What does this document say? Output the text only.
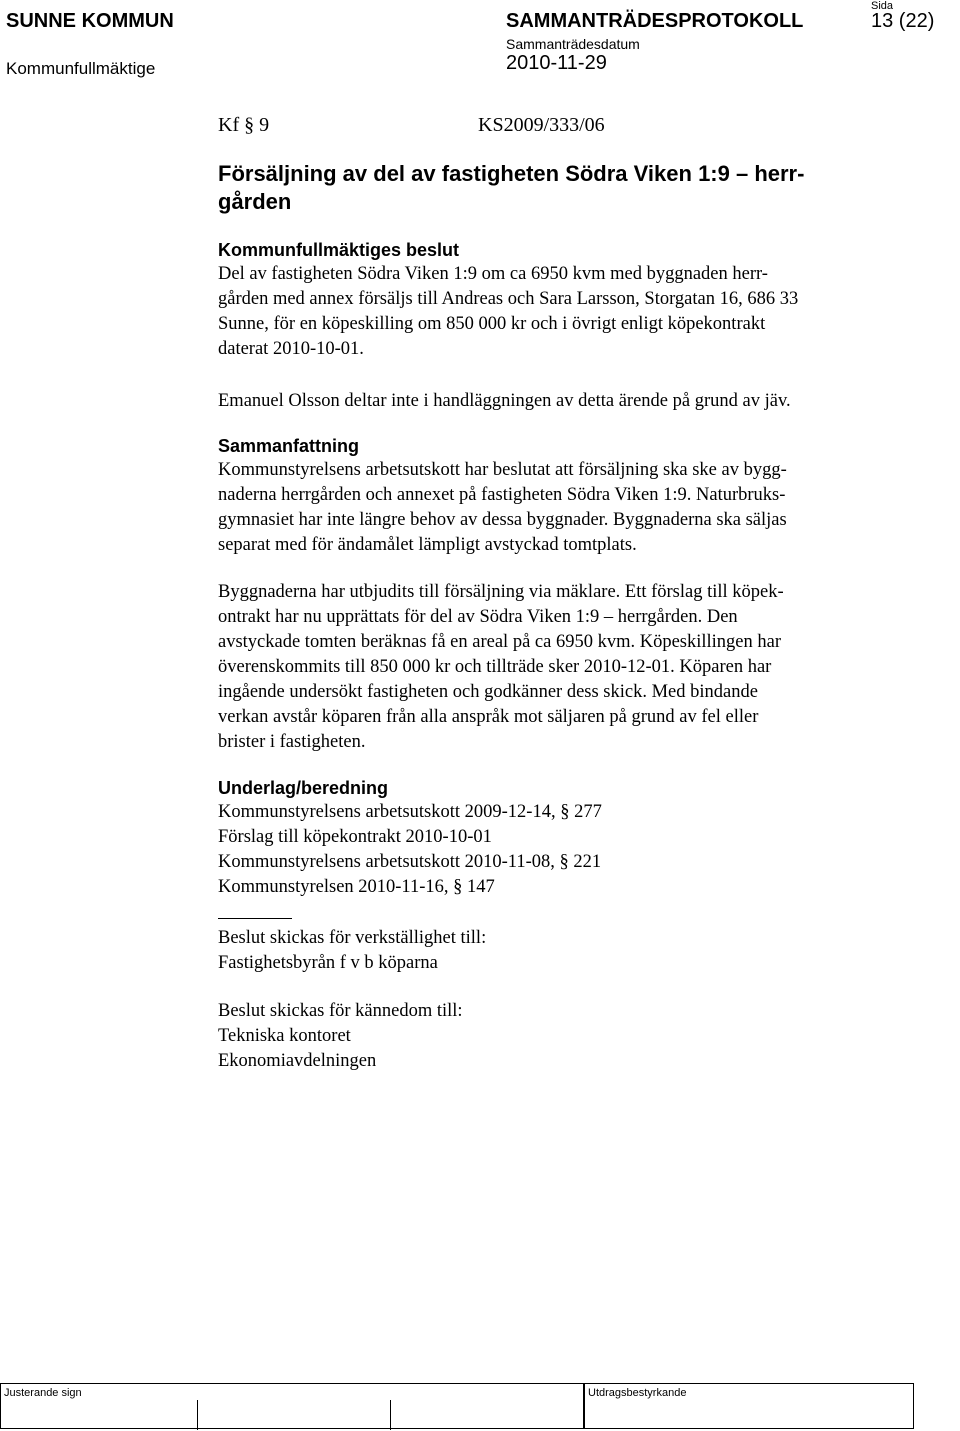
SUNNE KOMMUN
Kommunfullmäktige
SAMMANTRÄDESPROTOKOLL
Sammanträdesdatum
2010-11-29
Sida
13 (22)
Kf § 9	KS2009/333/06
Försäljning av del av fastigheten Södra Viken 1:9 – herr-
gården
Kommunfullmäktiges beslut
Del av fastigheten Södra Viken 1:9 om ca 6950 kvm med byggnaden herr-
gården med annex försäljs till Andreas och Sara Larsson, Storgatan 16, 686 33
Sunne, för en köpeskilling om 850 000 kr och i övrigt enligt köpekontrakt
daterat 2010-10-01.
Emanuel Olsson deltar inte i handläggningen av detta ärende på grund av jäv.
Sammanfattning
Kommunstyrelsens arbetsutskott har beslutat att försäljning ska ske av bygg-
naderna herrgården och annexet på fastigheten Södra Viken 1:9. Naturbruks-
gymnasiet har inte längre behov av dessa byggnader. Byggnaderna ska säljas
separat med för ändamålet lämpligt avstyckad tomtplats.
Byggnaderna har utbjudits till försäljning via mäklare. Ett förslag till köpek-
ontrakt har nu upprättats för del av Södra Viken 1:9 – herrgården. Den
avstyckade tomten beräknas få en areal på ca 6950 kvm. Köpeskillingen har
överenskommits till 850 000 kr och tillträde sker 2010-12-01. Köparen har
ingående undersökt fastigheten och godkänner dess skick. Med bindande
verkan avstår köparen från alla anspråk mot säljaren på grund av fel eller
brister i fastigheten.
Underlag/beredning
Kommunstyrelsens arbetsutskott 2009-12-14, § 277
Förslag till köpekontrakt 2010-10-01
Kommunstyrelsens arbetsutskott 2010-11-08, § 221
Kommunstyrelsen 2010-11-16, § 147
Beslut skickas för verkställighet till:
Fastighetsbyrån f v b köparna
Beslut skickas för kännedom till:
Tekniska kontoret
Ekonomiavdelningen
Justerande sign	Utdragsbestyrkande
